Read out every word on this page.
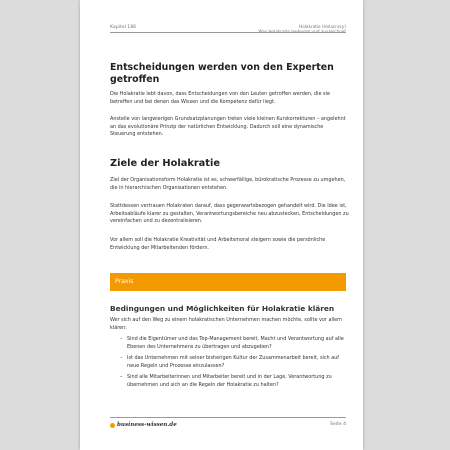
Kapitel 186	Holakratie (Holacracy)
Was Holakratie bedeutet und auszeichnet
Entscheidungen werden von den Experten getroffen

Die Holakratie lebt davon, dass Entscheidungen von den Leuten getroffen werden, die sie betreffen und bei denen das Wissen und die Kompetenz dafür liegt.

Anstelle von langwierigen Grundsatzplanungen treten viele kleinen Kurskorrekturen – angelehnt an das evolutionäre Prinzip der natürlichen Entwicklung. Dadurch soll eine dynamische Steuerung entstehen.

Ziele der Holakratie

Ziel der Organisationsform Holakratie ist es, schwerfällige, bürokratische Prozesse zu umgehen, die in hierarchischen Organisationen entstehen.

Stattdessen vertrauen Holakraten darauf, dass gegenwartsbezogen gehandelt wird. Die Idee ist, Arbeitsabläufe klarer zu gestalten, Verantwortungsbereiche neu abzustecken, Entscheidungen zu vereinfachen und zu dezentralisieren.

Vor allem soll die Holakratie Kreativität und Arbeitsmoral steigern sowie die persönliche Entwicklung der Mitarbeitenden fördern.

Praxis
Bedingungen und Möglichkeiten für Holakratie klären

Wer sich auf den Weg zu einem holakratischen Unternehmen machen möchte, sollte vor allem klären:

– Sind die Eigentümer und das Top-Management bereit, Macht und Verantwortung auf alle Ebenen des Unternehmens zu übertragen und abzugeben?
– Ist das Unternehmen mit seiner bisherigen Kultur der Zusammenarbeit bereit, sich auf neue Regeln und Prozesse einzulassen?
– Sind alle Mitarbeiterinnen und Mitarbeiter bereit und in der Lage, Verantwortung zu übernehmen und sich an die Regeln der Holakratie zu halten?
business-wissen.de	Seite 4
